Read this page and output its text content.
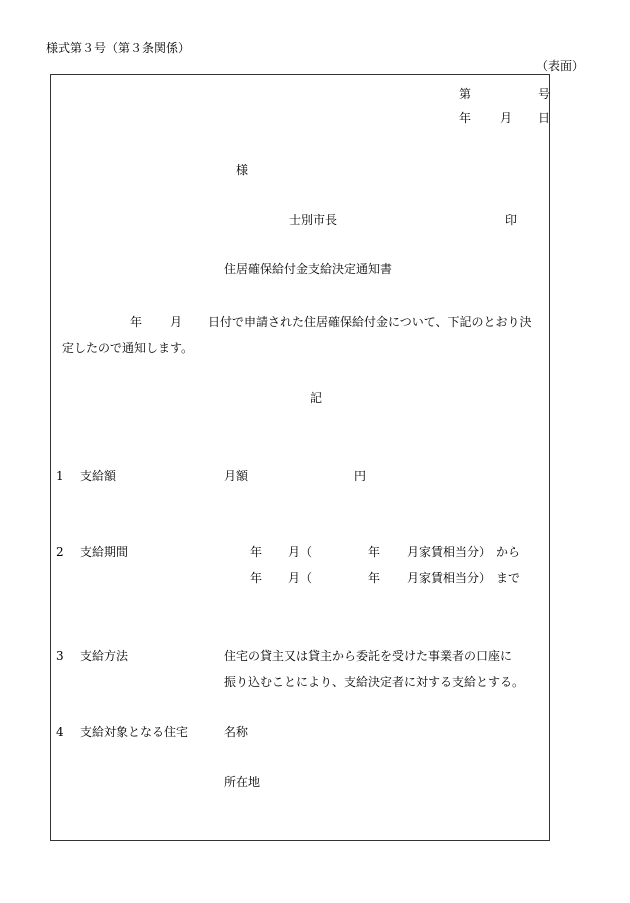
様式第３号（第３条関係）

（表面）

第	号

年 月 日

様

士別市長	印

住居確保給付金支給決定通知書

年 月 日付で申請された住居確保給付金について、下記のとおり決

定したので通知します。

記

1 支給額	月額	円

2 支給期間	年 月（	年 月家賃相当分） から

年 月（	年 月家賃相当分） まで

3 支給方法	住宅の貸主又は貸主から委託を受けた事業者の口座に

振り込むことにより、支給決定者に対する支給とする。

4 支給対象となる住宅	名称

所在地
